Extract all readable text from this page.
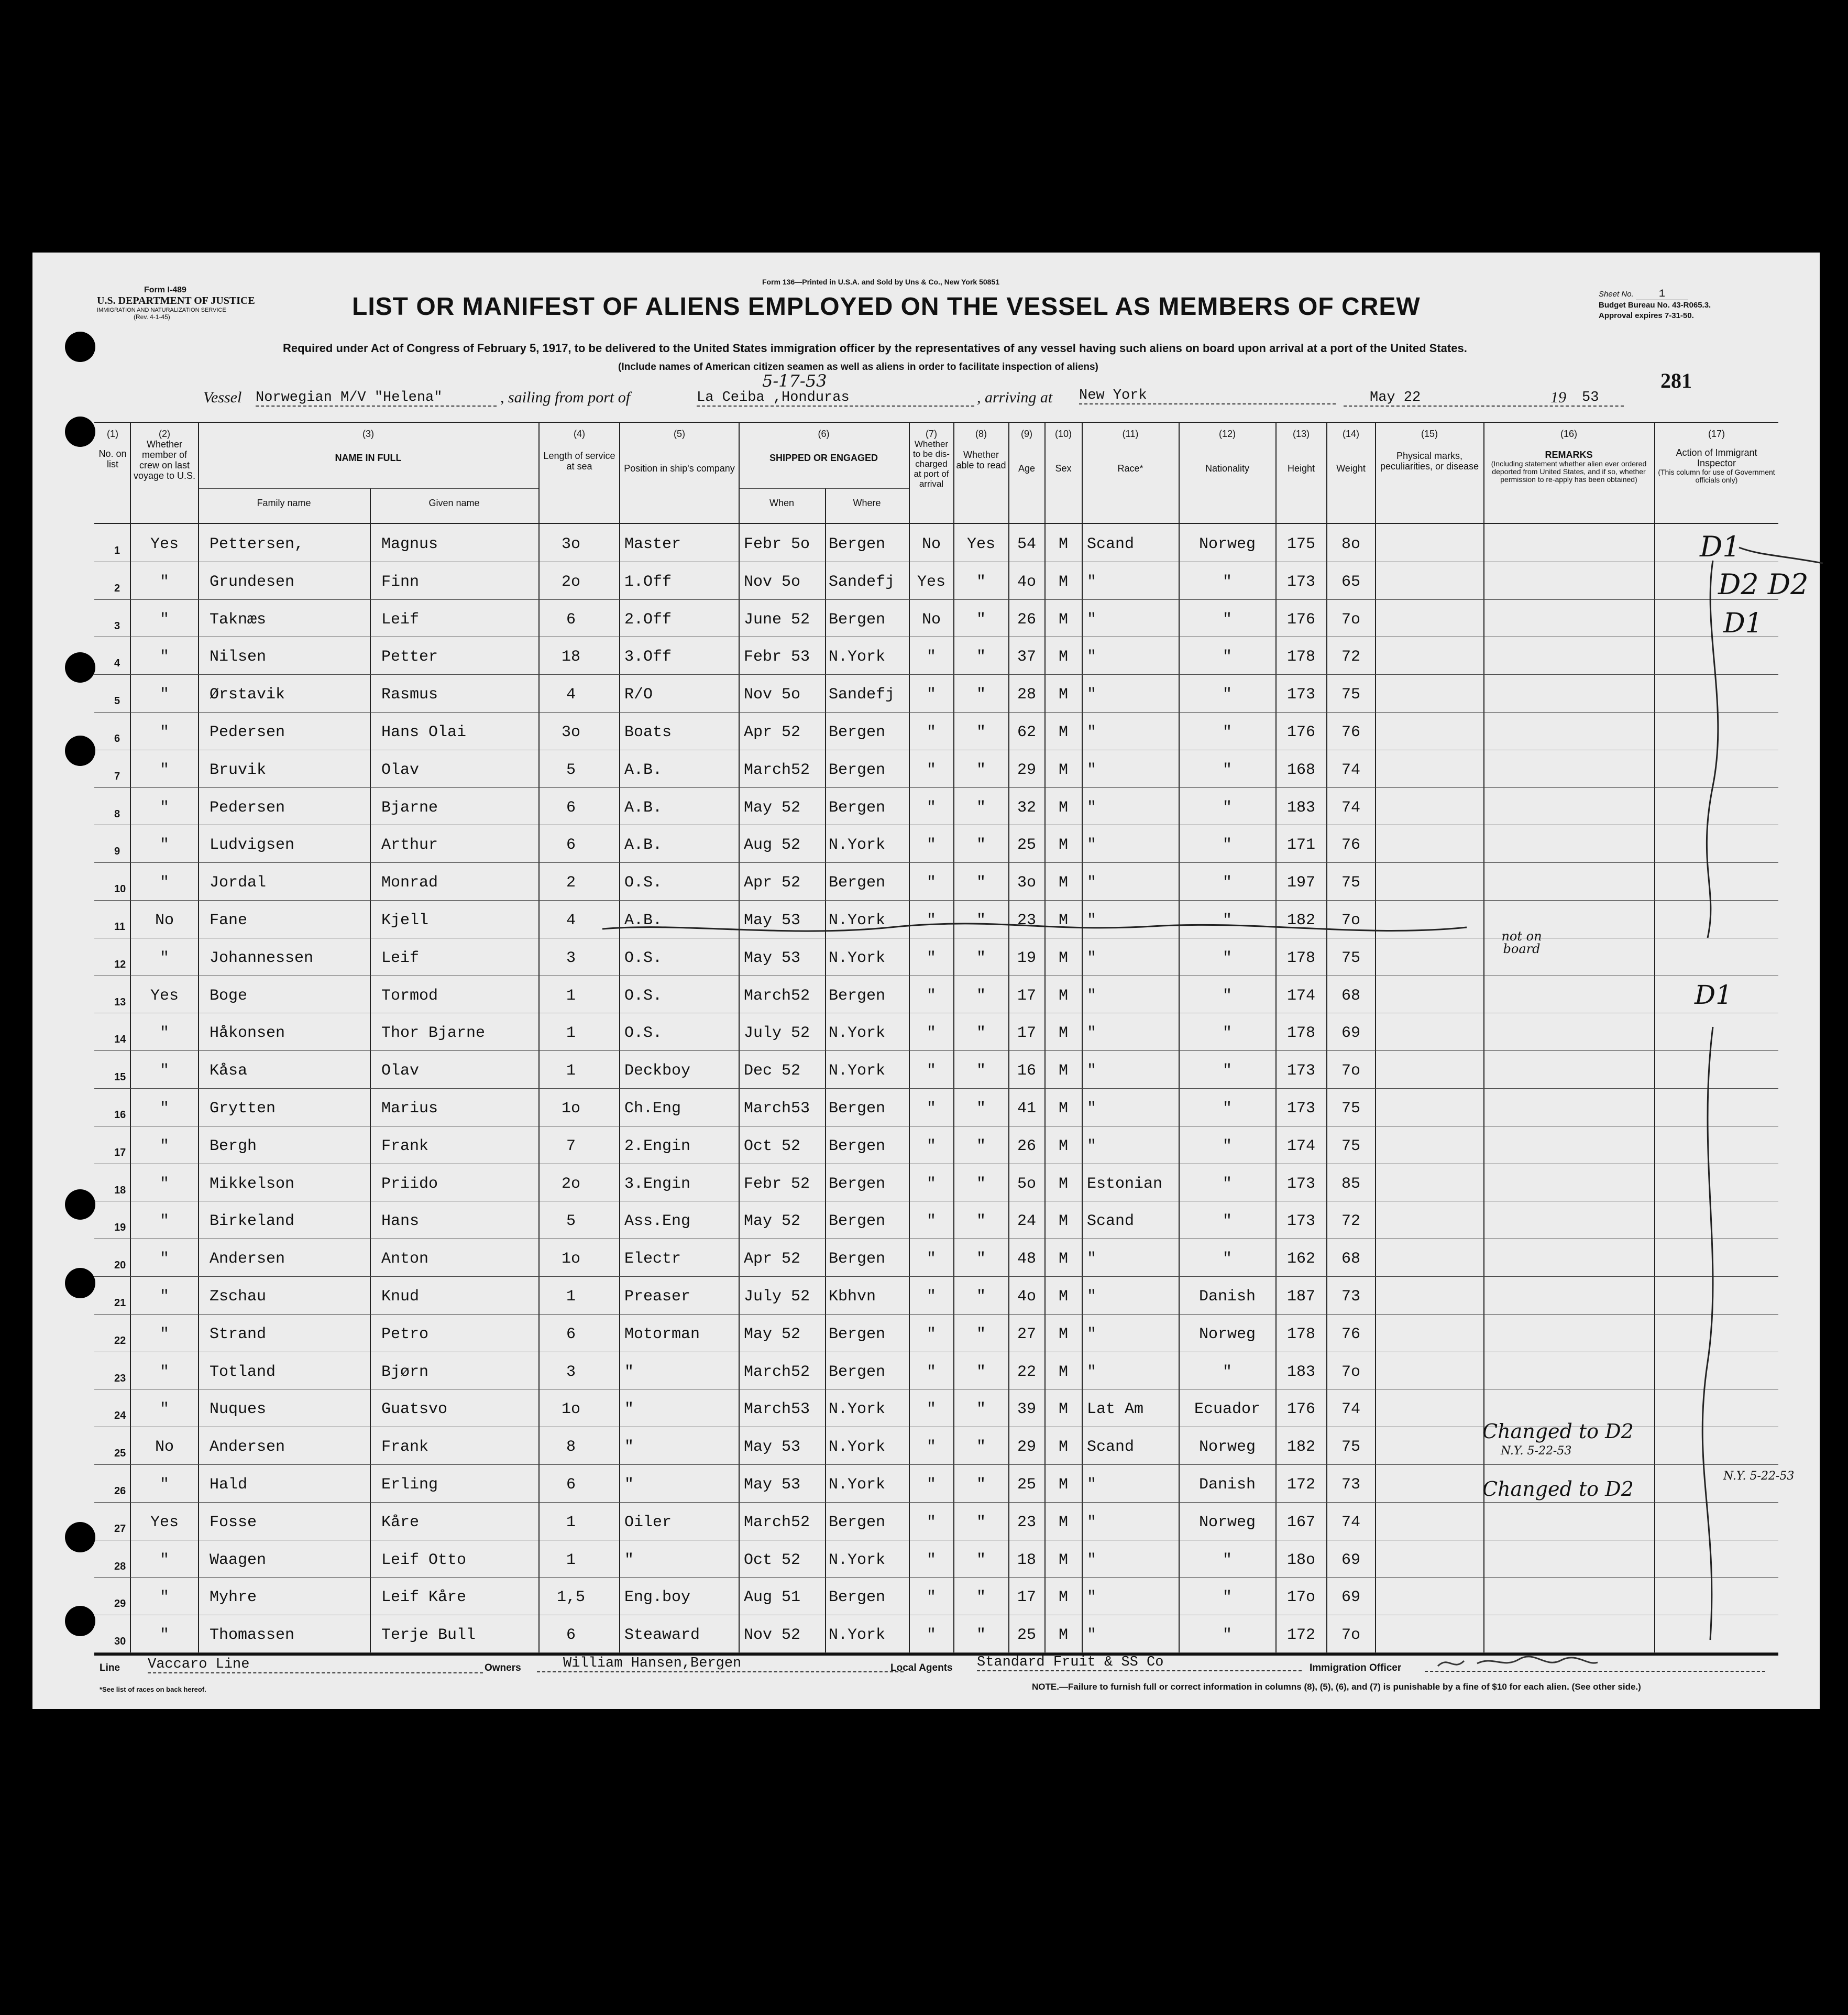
Form I-489
U.S. DEPARTMENT OF JUSTICE
IMMIGRATION AND NATURALIZATION SERVICE
(Rev. 4-1-45)
Form 136—Printed in U.S.A. and Sold by Uns & Co., New York 50851
LIST OR MANIFEST OF ALIENS EMPLOYED ON THE VESSEL AS MEMBERS OF CREW	Sheet No. 1
Budget Bureau No. 43-R065.3.
Approval expires 7-31-50.
Required under Act of Congress of February 5, 1917, to be delivered to the United States immigration officer by the representatives of any vessel having such aliens on board upon arrival at a port of the United States.
(Include names of American citizen seamen as well as aliens in order to facilitate inspection of aliens)
Vessel Norwegian M/V "Helena"	, sailing from port of	La Ceiba ,Honduras
5-17-53
, arriving at New York	May 22	19	53
281
(1)
No. on list
(2)
Whether member of crew on last voyage to U.S.
(3)
NAME IN FULL
Family name	Given name
(4)
Length of service at sea
(5)
Position in ship's company
(6)
SHIPPED OR ENGAGED
When	Where
(7)
Whether to be dis-charged at port of arrival
(8)
Whether able to read
(9)
Age
(10)
Sex
(11)
Race*
(12)
Nationality
(13)
Height
(14)
Weight
(15)
Physical marks, peculiarities, or disease
(16)
REMARKS
(Including statement whether alien ever ordered deported from United States, and if so, whether permission to re-apply has been obtained)
(17)
Action of Immigrant Inspector
(This column for use of Government officials only)
1	Yes	Pettersen,	Magnus	3o	Master	Febr 5o Bergen	No	Yes	54	M	Scand	Norweg	175	8o
2	"	Grundesen	Finn	2o	1.Off	Nov 5o Sandefj	Yes	"	4o	M	"	"	173	65
3	"	Taknæs	Leif	6	2.Off	June 52 Bergen	No	"	26	M	"	"	176	7o
4	"	Nilsen	Petter	18	3.Off	Febr 53 N.York	"	"	37	M	"	"	178	72
5	"	Ørstavik	Rasmus	4	R/O	Nov 5o Sandefj	"	"	28	M	"	"	173	75
6	"	Pedersen	Hans Olai	3o	Boats	Apr 52 Bergen	"	"	62	M	"	"	176	76
7	"	Bruvik	Olav	5	A.B.	March52 Bergen	"	"	29	M	"	"	168	74
8	"	Pedersen	Bjarne	6	A.B.	May 52 Bergen	"	"	32	M	"	"	183	74
9	"	Ludvigsen	Arthur	6	A.B.	Aug 52 N.York	"	"	25	M	"	"	171	76
10	"	Jordal	Monrad	2	O.S.	Apr 52 Bergen	"	"	3o	M	"	"	197	75
11	No	Fane	Kjell	4	A.B.	May 53 N.York	"	"	23	M	"	"	182	7o
12	"	Johannessen	Leif	3	O.S.	May 53 N.York	"	"	19	M	"	"	178	75
13	Yes	Boge	Tormod	1	O.S.	March52 Bergen	"	"	17	M	"	"	174	68
14	"	Håkonsen	Thor Bjarne	1	O.S.	July 52 N.York	"	"	17	M	"	"	178	69
15	"	Kåsa	Olav	1	Deckboy	Dec 52 N.York	"	"	16	M	"	"	173	7o
16	"	Grytten	Marius	1o	Ch.Eng	March53 Bergen	"	"	41	M	"	"	173	75
17	"	Bergh	Frank	7	2.Engin	Oct 52 Bergen	"	"	26	M	"	"	174	75
18	"	Mikkelson	Priido	2o	3.Engin	Febr 52 Bergen	"	"	5o	M	Estonian	"	173	85
19	"	Birkeland	Hans	5	Ass.Eng	May 52 Bergen	"	"	24	M	Scand	"	173	72
20	"	Andersen	Anton	1o	Electr	Apr 52 Bergen	"	"	48	M	"	"	162	68
21	"	Zschau	Knud	1	Preaser	July 52 Kbhvn	"	"	4o	M	"	Danish	187	73
22	"	Strand	Petro	6	Motorman	May 52 Bergen	"	"	27	M	"	Norweg	178	76
23	"	Totland	Bjørn	3	"	March52 Bergen	"	"	22	M	"	"	183	7o
24	"	Nuques	Guatsvo	1o	"	March53 N.York	"	"	39	M	Lat Am	Ecuador	176	74
25	No	Andersen	Frank	8	"	May 53 N.York	"	"	29	M	Scand	Norweg	182	75
26	"	Hald	Erling	6	"	May 53 N.York	"	"	25	M	"	Danish	172	73
27	Yes	Fosse	Kåre	1	Oiler	March52 Bergen	"	"	23	M	"	Norweg	167	74
28	"	Waagen	Leif Otto	1	"	Oct 52 N.York	"	"	18	M	"	"	18o	69
29	"	Myhre	Leif Kåre	1,5	Eng.boy	Aug 51 Bergen	"	"	17	M	"	"	17o	69
30	"	Thomassen	Terje Bull	6	Steaward	Nov 52 N.York	"	"	25	M	"	"	172	7o
D1
D2 D2
D1
D1
not on board
Changed to D2
N.Y. 5-22-53
Changed to D2
N.Y. 5-22-53
Line Vaccaro Line	Owners	William Hansen,Bergen	Local Agents Standard Fruit & SS Co	Immigration Officer
*See list of races on back hereof.	NOTE.—Failure to furnish full or correct information in columns (8), (5), (6), and (7) is punishable by a fine of $10 for each alien. (See other side.)
